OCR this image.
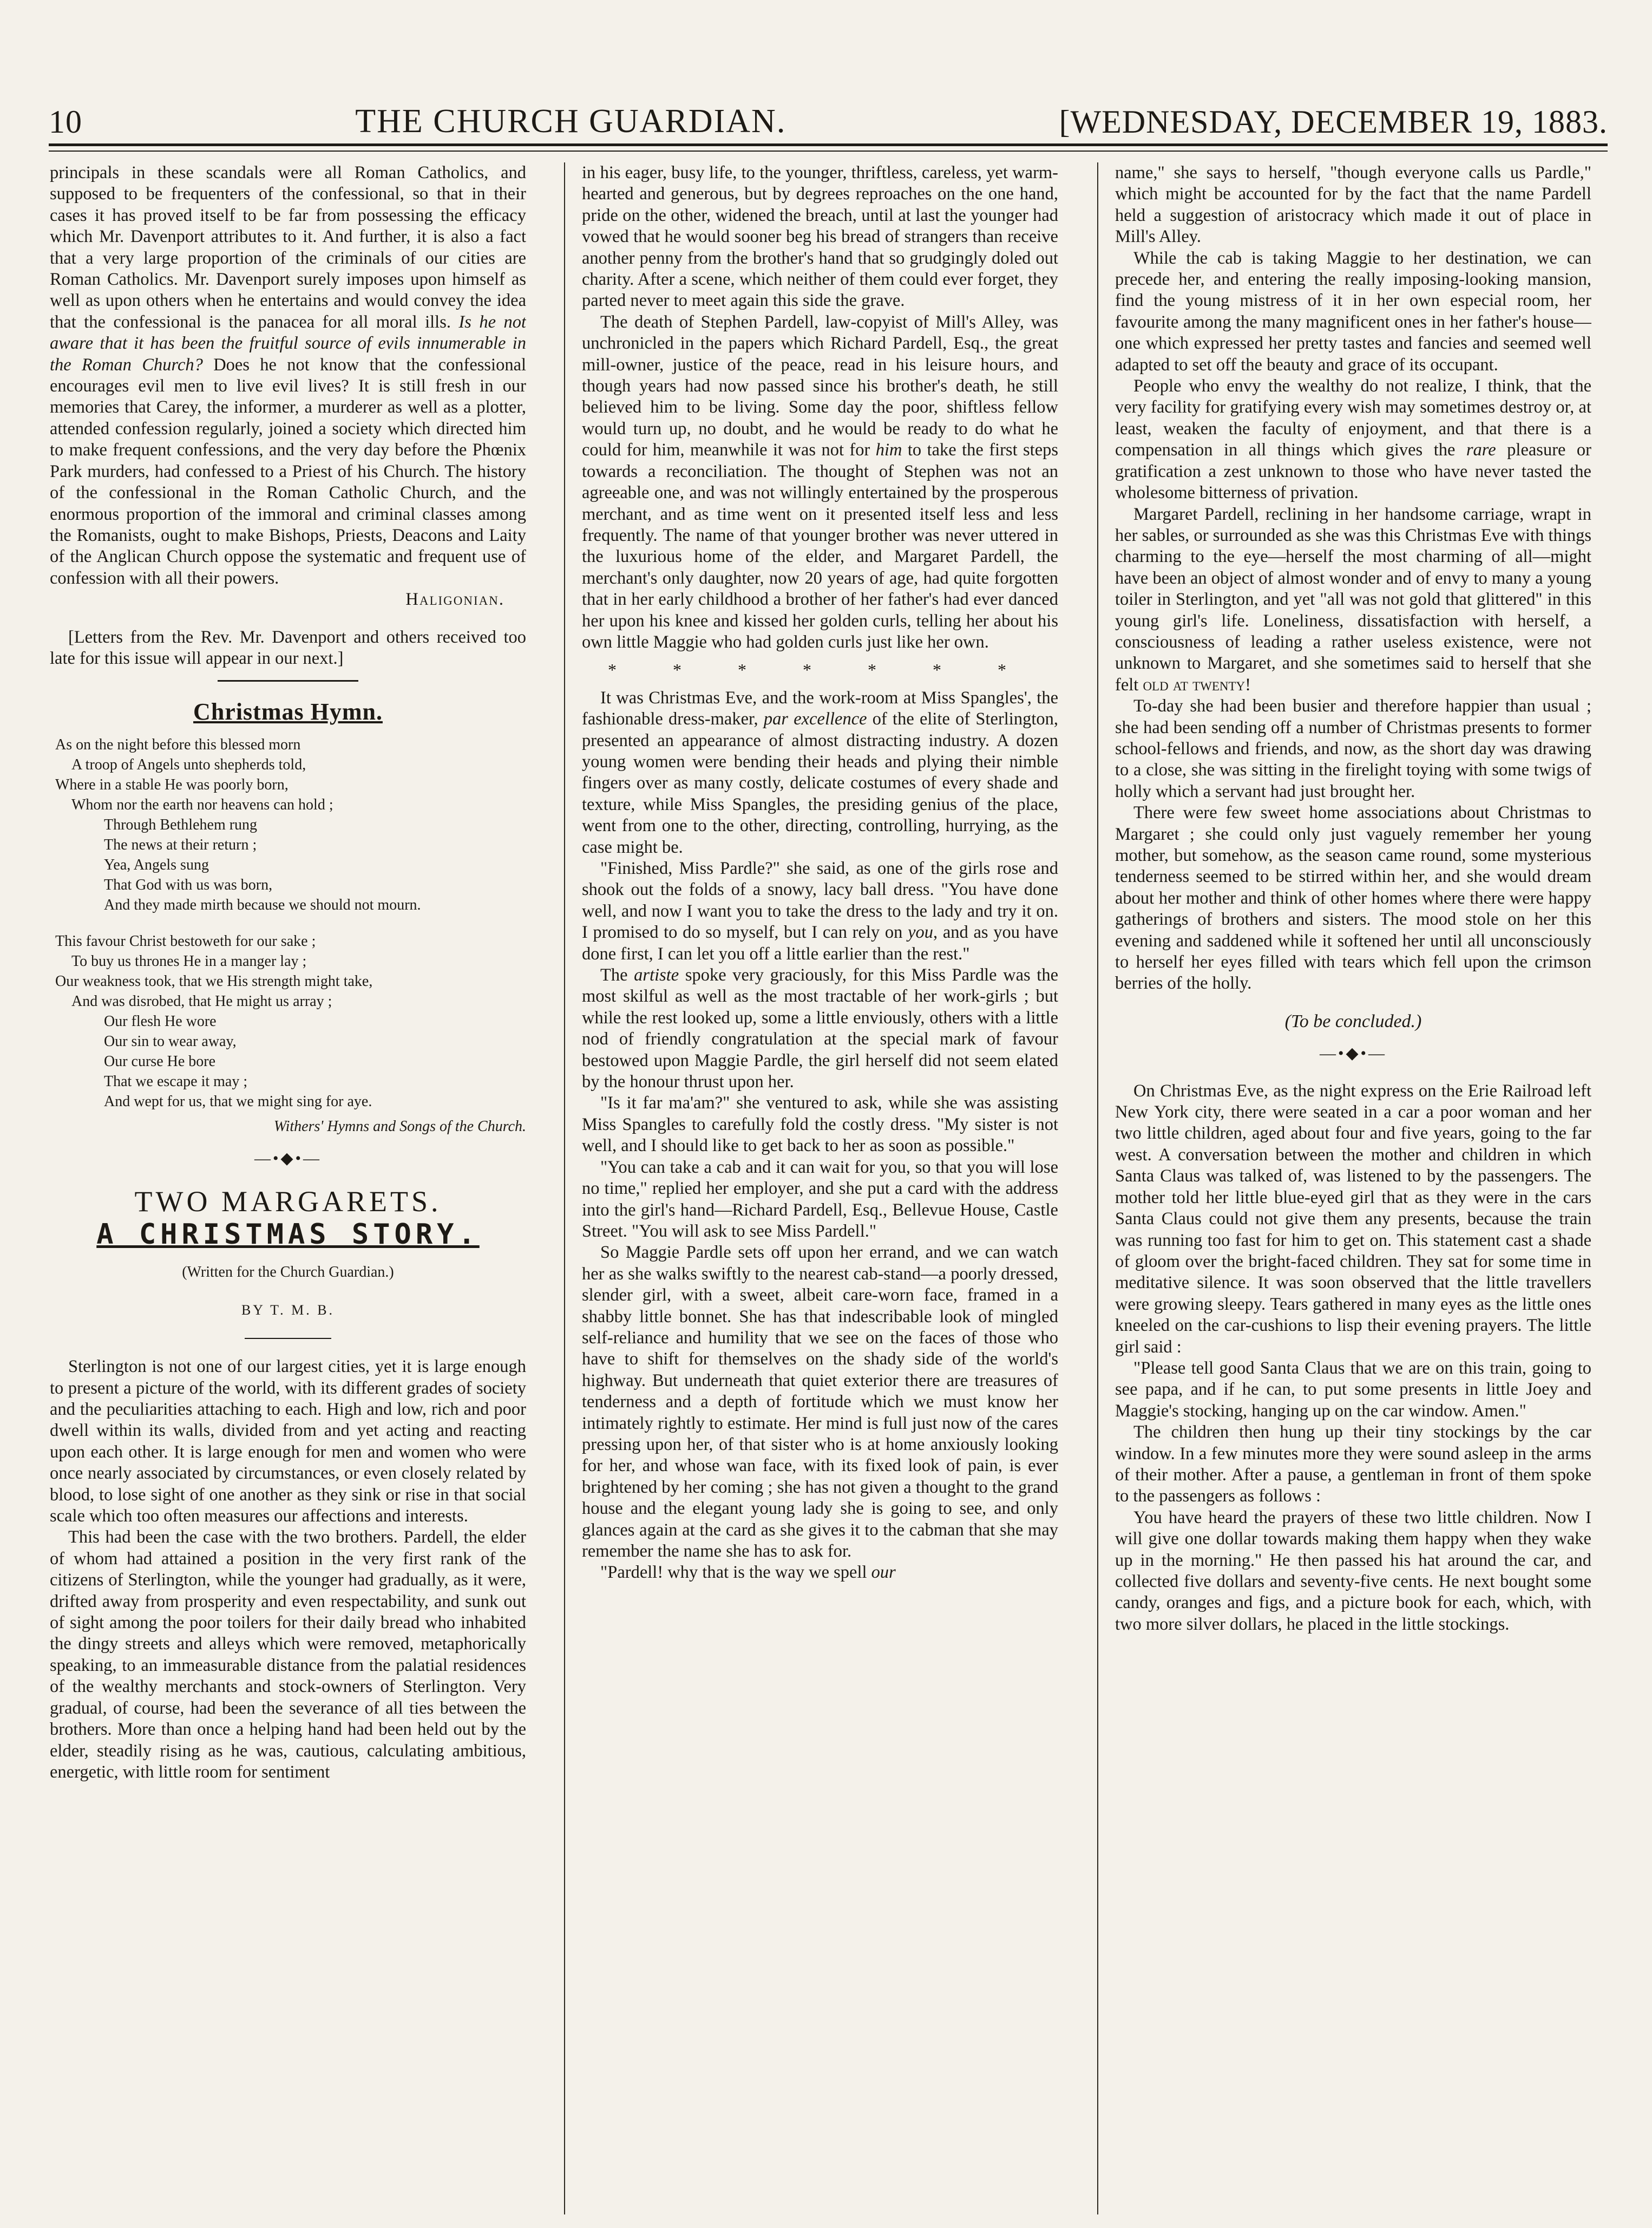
10	THE CHURCH GUARDIAN.	[WEDNESDAY, DECEMBER 19, 1883.

principals in these scandals were all Roman Catholics, and supposed to be frequenters of the confessional, so that in their cases it has proved itself to be far from possessing the efficacy which Mr. Davenport attributes to it. And further, it is also a fact that a very large proportion of the criminals of our cities are Roman Catholics. Mr. Davenport surely imposes upon himself as well as upon others when he entertains and would convey the idea that the confessional is the panacea for all moral ills. Is he not aware that it has been the fruitful source of evils innumerable in the Roman Church? Does he not know that the confessional encourages evil men to live evil lives? It is still fresh in our memories that Carey, the informer, a murderer as well as a plotter, attended confession regularly, joined a society which directed him to make frequent confessions, and the very day before the Phœnix Park murders, had confessed to a Priest of his Church. The history of the confessional in the Roman Catholic Church, and the enormous proportion of the immoral and criminal classes among the Romanists, ought to make Bishops, Priests, Deacons and Laity of the Anglican Church oppose the systematic and frequent use of confession with all their powers.

Haligonian.

[Letters from the Rev. Mr. Davenport and others received too late for this issue will appear in our next.]

Christmas Hymn.
As on the night before this blessed morn
A troop of Angels unto shepherds told,
Where in a stable He was poorly born,
Whom nor the earth nor heavens can hold ;
Through Bethlehem rung
The news at their return ;
Yea, Angels sung
That God with us was born,
And they made mirth because we should not mourn.
This favour Christ bestoweth for our sake ;
To buy us thrones He in a manger lay ;
Our weakness took, that we His strength might take,
And was disrobed, that He might us array ;
Our flesh He wore
Our sin to wear away,
Our curse He bore
That we escape it may ;
And wept for us, that we might sing for aye.
Withers' Hymns and Songs of the Church.
—•◆•—
TWO MARGARETS.
A CHRISTMAS STORY.
(Written for the Church Guardian.)
BY T. M. B.

Sterlington is not one of our largest cities, yet it is large enough to present a picture of the world, with its different grades of society and the peculiarities attaching to each. High and low, rich and poor dwell within its walls, divided from and yet acting and reacting upon each other. It is large enough for men and women who were once nearly associated by circumstances, or even closely related by blood, to lose sight of one another as they sink or rise in that social scale which too often measures our affections and interests.

This had been the case with the two brothers. Pardell, the elder of whom had attained a position in the very first rank of the citizens of Sterlington, while the younger had gradually, as it were, drifted away from prosperity and even respectability, and sunk out of sight among the poor toilers for their daily bread who inhabited the dingy streets and alleys which were removed, metaphorically speaking, to an immeasurable distance from the palatial residences of the wealthy merchants and stock-owners of Sterlington. Very gradual, of course, had been the severance of all ties between the brothers. More than once a helping hand had been held out by the elder, steadily rising as he was, cautious, calculating ambitious, energetic, with little room for sentiment

in his eager, busy life, to the younger, thriftless, careless, yet warm-hearted and generous, but by degrees reproaches on the one hand, pride on the other, widened the breach, until at last the younger had vowed that he would sooner beg his bread of strangers than receive another penny from the brother's hand that so grudgingly doled out charity. After a scene, which neither of them could ever forget, they parted never to meet again this side the grave.

The death of Stephen Pardell, law-copyist of Mill's Alley, was unchronicled in the papers which Richard Pardell, Esq., the great mill-owner, justice of the peace, read in his leisure hours, and though years had now passed since his brother's death, he still believed him to be living. Some day the poor, shiftless fellow would turn up, no doubt, and he would be ready to do what he could for him, meanwhile it was not for him to take the first steps towards a reconciliation. The thought of Stephen was not an agreeable one, and was not willingly entertained by the prosperous merchant, and as time went on it presented itself less and less frequently. The name of that younger brother was never uttered in the luxurious home of the elder, and Margaret Pardell, the merchant's only daughter, now 20 years of age, had quite forgotten that in her early childhood a brother of her father's had ever danced her upon his knee and kissed her golden curls, telling her about his own little Maggie who had golden curls just like her own.

* * * * * * *

It was Christmas Eve, and the work-room at Miss Spangles', the fashionable dress-maker, par excellence of the elite of Sterlington, presented an appearance of almost distracting industry. A dozen young women were bending their heads and plying their nimble fingers over as many costly, delicate costumes of every shade and texture, while Miss Spangles, the presiding genius of the place, went from one to the other, directing, controlling, hurrying, as the case might be.

"Finished, Miss Pardle?" she said, as one of the girls rose and shook out the folds of a snowy, lacy ball dress. "You have done well, and now I want you to take the dress to the lady and try it on. I promised to do so myself, but I can rely on you, and as you have done first, I can let you off a little earlier than the rest."

The artiste spoke very graciously, for this Miss Pardle was the most skilful as well as the most tractable of her work-girls ; but while the rest looked up, some a little enviously, others with a little nod of friendly congratulation at the special mark of favour bestowed upon Maggie Pardle, the girl herself did not seem elated by the honour thrust upon her.

"Is it far ma'am?" she ventured to ask, while she was assisting Miss Spangles to carefully fold the costly dress. "My sister is not well, and I should like to get back to her as soon as possible."

"You can take a cab and it can wait for you, so that you will lose no time," replied her employer, and she put a card with the address into the girl's hand—Richard Pardell, Esq., Bellevue House, Castle Street. "You will ask to see Miss Pardell."

So Maggie Pardle sets off upon her errand, and we can watch her as she walks swiftly to the nearest cab-stand—a poorly dressed, slender girl, with a sweet, albeit care-worn face, framed in a shabby little bonnet. She has that indescribable look of mingled self-reliance and humility that we see on the faces of those who have to shift for themselves on the shady side of the world's highway. But underneath that quiet exterior there are treasures of tenderness and a depth of fortitude which we must know her intimately rightly to estimate. Her mind is full just now of the cares pressing upon her, of that sister who is at home anxiously looking for her, and whose wan face, with its fixed look of pain, is ever brightened by her coming ; she has not given a thought to the grand house and the elegant young lady she is going to see, and only glances again at the card as she gives it to the cabman that she may remember the name she has to ask for.

"Pardell! why that is the way we spell our

name," she says to herself, "though everyone calls us Pardle," which might be accounted for by the fact that the name Pardell held a suggestion of aristocracy which made it out of place in Mill's Alley.

While the cab is taking Maggie to her destination, we can precede her, and entering the really imposing-looking mansion, find the young mistress of it in her own especial room, her favourite among the many magnificent ones in her father's house—one which expressed her pretty tastes and fancies and seemed well adapted to set off the beauty and grace of its occupant.

People who envy the wealthy do not realize, I think, that the very facility for gratifying every wish may sometimes destroy or, at least, weaken the faculty of enjoyment, and that there is a compensation in all things which gives the rare pleasure or gratification a zest unknown to those who have never tasted the wholesome bitterness of privation.

Margaret Pardell, reclining in her handsome carriage, wrapt in her sables, or surrounded as she was this Christmas Eve with things charming to the eye—herself the most charming of all—might have been an object of almost wonder and of envy to many a young toiler in Sterlington, and yet "all was not gold that glittered" in this young girl's life. Loneliness, dissatisfaction with herself, a consciousness of leading a rather useless existence, were not unknown to Margaret, and she sometimes said to herself that she felt old at twenty!

To-day she had been busier and therefore happier than usual ; she had been sending off a number of Christmas presents to former school-fellows and friends, and now, as the short day was drawing to a close, she was sitting in the firelight toying with some twigs of holly which a servant had just brought her.

There were few sweet home associations about Christmas to Margaret ; she could only just vaguely remember her young mother, but somehow, as the season came round, some mysterious tenderness seemed to be stirred within her, and she would dream about her mother and think of other homes where there were happy gatherings of brothers and sisters. The mood stole on her this evening and saddened while it softened her until all unconsciously to herself her eyes filled with tears which fell upon the crimson berries of the holly.

(To be concluded.)
—•◆•—

On Christmas Eve, as the night express on the Erie Railroad left New York city, there were seated in a car a poor woman and her two little children, aged about four and five years, going to the far west. A conversation between the mother and children in which Santa Claus was talked of, was listened to by the passengers. The mother told her little blue-eyed girl that as they were in the cars Santa Claus could not give them any presents, because the train was running too fast for him to get on. This statement cast a shade of gloom over the bright-faced children. They sat for some time in meditative silence. It was soon observed that the little travellers were growing sleepy. Tears gathered in many eyes as the little ones kneeled on the car-cushions to lisp their evening prayers. The little girl said :

"Please tell good Santa Claus that we are on this train, going to see papa, and if he can, to put some presents in little Joey and Maggie's stocking, hanging up on the car window. Amen."

The children then hung up their tiny stockings by the car window. In a few minutes more they were sound asleep in the arms of their mother. After a pause, a gentleman in front of them spoke to the passengers as follows :

You have heard the prayers of these two little children. Now I will give one dollar towards making them happy when they wake up in the morning." He then passed his hat around the car, and collected five dollars and seventy-five cents. He next bought some candy, oranges and figs, and a picture book for each, which, with two more silver dollars, he placed in the little stockings.
